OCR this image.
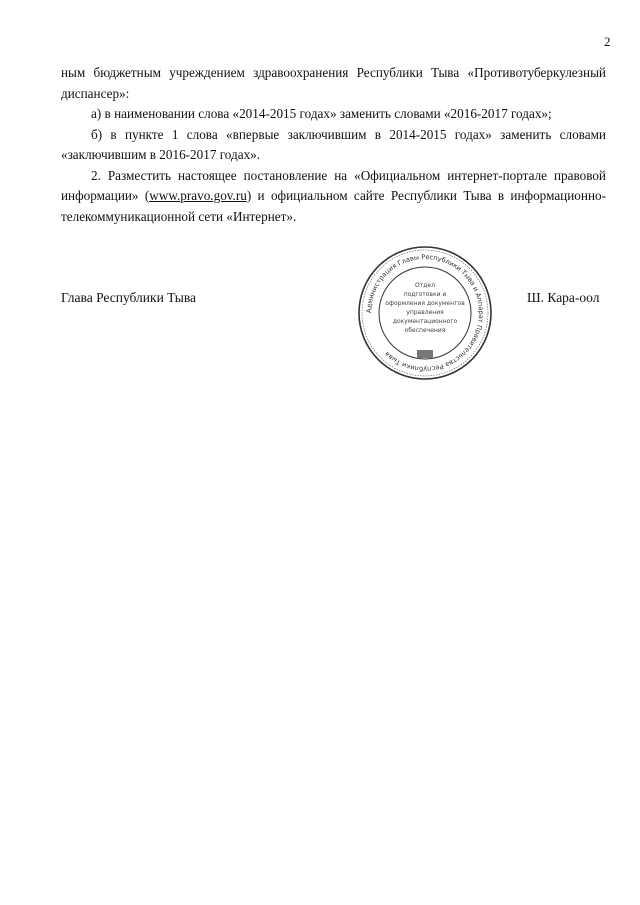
2

ным бюджетным учреждением здравоохранения Республики Тыва «Противотуберкулезный диспансер»:

а) в наименовании слова «2014-2015 годах» заменить словами «2016-2017 годах»;

б) в пункте 1 слова «впервые заключившим в 2014-2015 годах» заменить словами «заключившим в 2016-2017 годах».

2. Разместить настоящее постановление на «Официальном интернет-портале правовой информации» (www.pravo.gov.ru) и официальном сайте Республики Тыва в информационно-телекоммуникационной сети «Интернет».

Глава Республики Тыва	Ш. Кара-оол
Администрация Главы Республики Тыва и Аппарат Правительства Республики Тыва
Отдел
подготовки и
оформления документов
управления
документационного
обеспечения
